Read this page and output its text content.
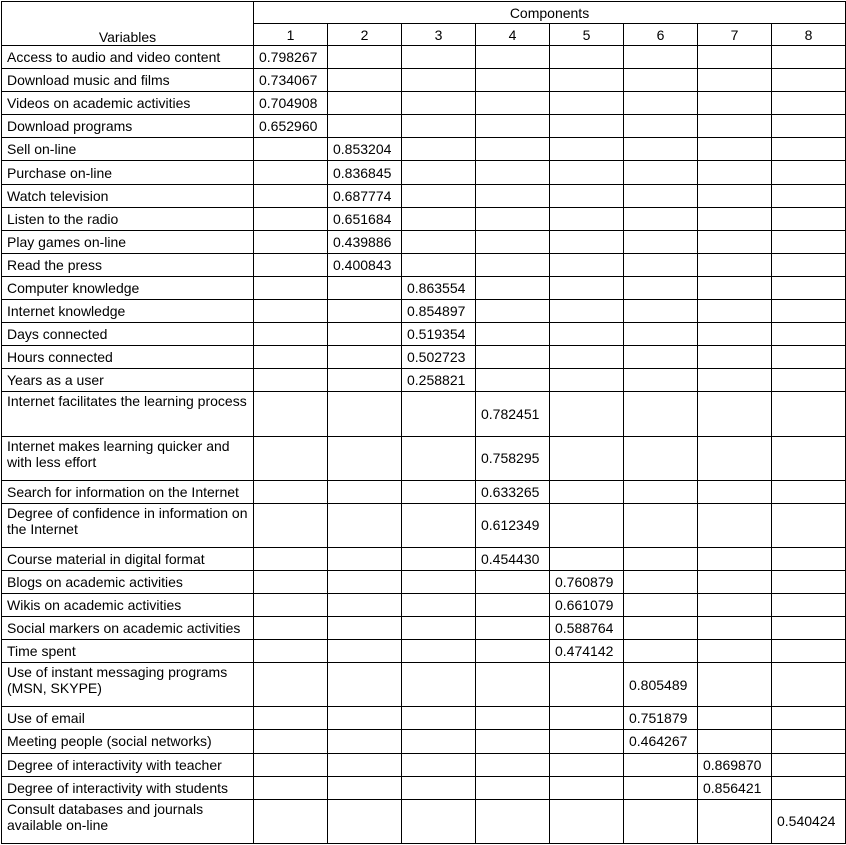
Variables	Components							
	1	2	3	4	5	6	7	8
Access to audio and video content	0.798267							
Download music and films	0.734067							
Videos on academic activities	0.704908							
Download programs	0.652960							
Sell on-line		0.853204						
Purchase on-line		0.836845						
Watch television		0.687774						
Listen to the radio		0.651684						
Play games on-line		0.439886						
Read the press		0.400843						
Computer knowledge			0.863554					
Internet knowledge			0.854897					
Days connected			0.519354					
Hours connected			0.502723					
Years as a user			0.258821					
Internet facilitates the learning process				0.782451				
Internet makes learning quicker and with less effort				0.758295				
Search for information on the Internet				0.633265				
Degree of confidence in information on the Internet				0.612349				
Course material in digital format				0.454430				
Blogs on academic activities					0.760879			
Wikis on academic activities					0.661079			
Social markers on academic activities					0.588764			
Time spent					0.474142			
Use of instant messaging programs (MSN, SKYPE)						0.805489		
Use of email						0.751879		
Meeting people (social networks)						0.464267		
Degree of interactivity with teacher							0.869870	
Degree of interactivity with students							0.856421	
Consult databases and journals available on-line								0.540424
